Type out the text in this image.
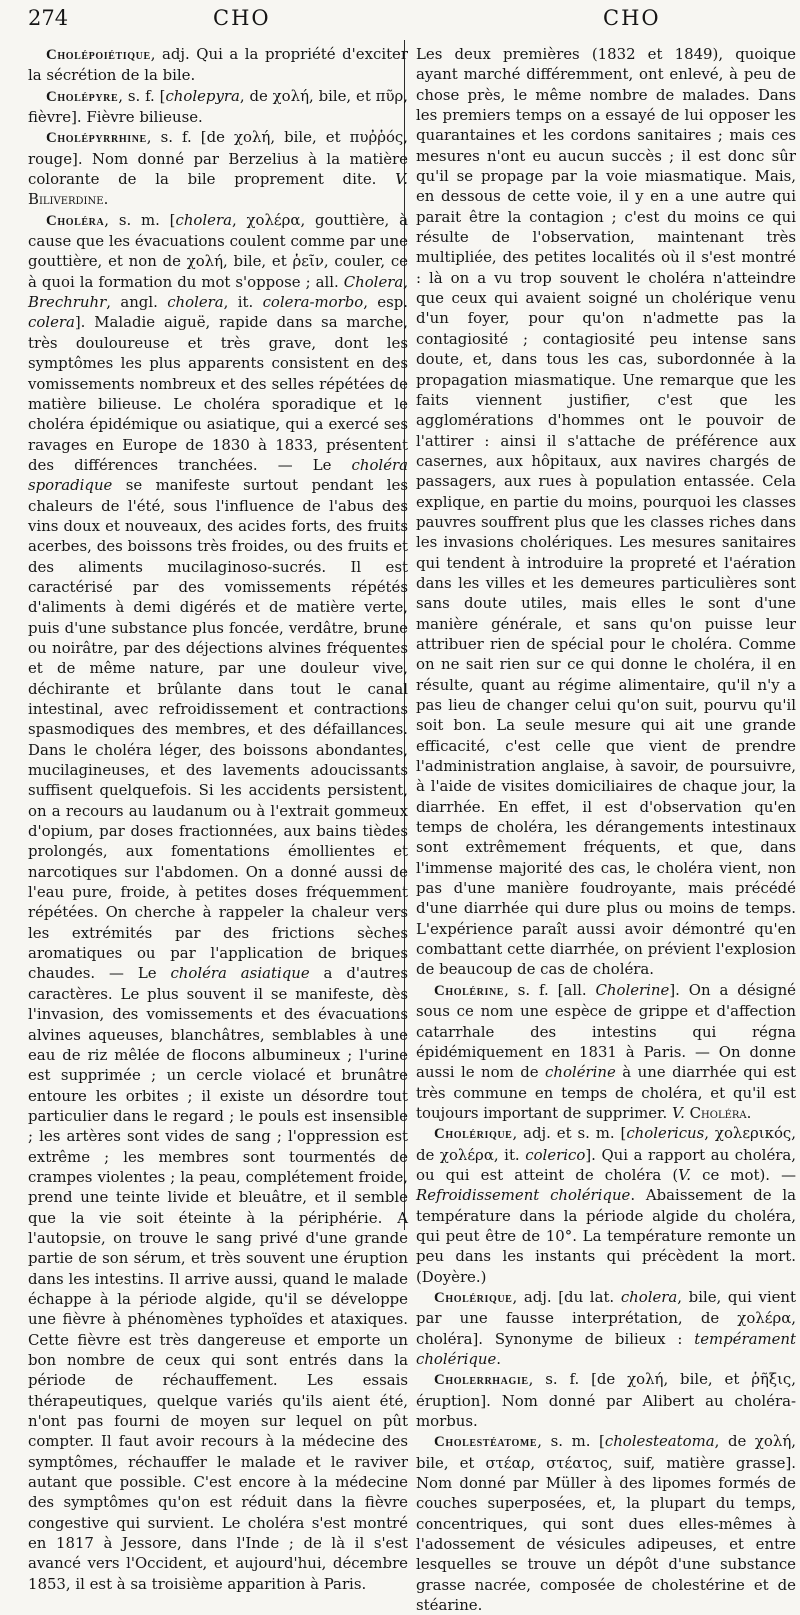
274	CHO	CHO

Cholépoiétique, adj. Qui a la propriété d'exciter la sécrétion de la bile.

Cholépyre, s. f. [cholepyra, de χολή, bile, et πῦρ, fièvre]. Fièvre bilieuse.

Cholépyrrhine, s. f. [de χολή, bile, et πυῤῥός, rouge]. Nom donné par Berzelius à la matière colorante de la bile proprement dite. V. Biliverdine.

Choléra, s. m. [cholera, χολέρα, gouttière, à cause que les évacuations coulent comme par une gouttière, et non de χολή, bile, et ῥεῖν, couler, ce à quoi la formation du mot s'oppose ; all. Cholera, Brechruhr, angl. cholera, it. colera-morbo, esp. colera]. Maladie aiguë, rapide dans sa marche, très douloureuse et très grave, dont les symptômes les plus apparents consistent en des vomissements nombreux et des selles répétées de matière bilieuse. Le choléra sporadique et le choléra épidémique ou asiatique, qui a exercé ses ravages en Europe de 1830 à 1833, présentent des différences tranchées. — Le choléra sporadique se manifeste surtout pendant les chaleurs de l'été, sous l'influence de l'abus des vins doux et nouveaux, des acides forts, des fruits acerbes, des boissons très froides, ou des fruits et des aliments mucilaginoso-sucrés. Il est caractérisé par des vomissements répétés d'aliments à demi digérés et de matière verte, puis d'une substance plus foncée, verdâtre, brune ou noirâtre, par des déjections alvines fréquentes et de même nature, par une douleur vive, déchirante et brûlante dans tout le canal intestinal, avec refroidissement et contractions spasmodiques des membres, et des défaillances. Dans le choléra léger, des boissons abondantes, mucilagineuses, et des lavements adoucissants suffisent quelquefois. Si les accidents persistent, on a recours au laudanum ou à l'extrait gommeux d'opium, par doses fractionnées, aux bains tièdes prolongés, aux fomentations émollientes et narcotiques sur l'abdomen. On a donné aussi de l'eau pure, froide, à petites doses fréquemment répétées. On cherche à rappeler la chaleur vers les extrémités par des frictions sèches aromatiques ou par l'application de briques chaudes. — Le choléra asiatique a d'autres caractères. Le plus souvent il se manifeste, dès l'invasion, des vomissements et des évacuations alvines aqueuses, blanchâtres, semblables à une eau de riz mêlée de flocons albumineux ; l'urine est supprimée ; un cercle violacé et brunâtre entoure les orbites ; il existe un désordre tout particulier dans le regard ; le pouls est insensible ; les artères sont vides de sang ; l'oppression est extrême ; les membres sont tourmentés de crampes violentes ; la peau, complétement froide, prend une teinte livide et bleuâtre, et il semble que la vie soit éteinte à la périphérie. A l'autopsie, on trouve le sang privé d'une grande partie de son sérum, et très souvent une éruption dans les intestins. Il arrive aussi, quand le malade échappe à la période algide, qu'il se développe une fièvre à phénomènes typhoïdes et ataxiques. Cette fièvre est très dangereuse et emporte un bon nombre de ceux qui sont entrés dans la période de réchauffement. Les essais thérapeutiques, quelque variés qu'ils aient été, n'ont pas fourni de moyen sur lequel on pût compter. Il faut avoir recours à la médecine des symptômes, réchauffer le malade et le raviver autant que possible. C'est encore à la médecine des symptômes qu'on est réduit dans la fièvre congestive qui survient. Le choléra s'est montré en 1817 à Jessore, dans l'Inde ; de là il s'est avancé vers l'Occident, et aujourd'hui, décembre 1853, il est à sa troisième apparition à Paris.

Les deux premières (1832 et 1849), quoique ayant marché différemment, ont enlevé, à peu de chose près, le même nombre de malades. Dans les premiers temps on a essayé de lui opposer les quarantaines et les cordons sanitaires ; mais ces mesures n'ont eu aucun succès ; il est donc sûr qu'il se propage par la voie miasmatique. Mais, en dessous de cette voie, il y en a une autre qui parait être la contagion ; c'est du moins ce qui résulte de l'observation, maintenant très multipliée, des petites localités où il s'est montré : là on a vu trop souvent le choléra n'atteindre que ceux qui avaient soigné un cholérique venu d'un foyer, pour qu'on n'admette pas la contagiosité ; contagiosité peu intense sans doute, et, dans tous les cas, subordonnée à la propagation miasmatique. Une remarque que les faits viennent justifier, c'est que les agglomérations d'hommes ont le pouvoir de l'attirer : ainsi il s'attache de préférence aux casernes, aux hôpitaux, aux navires chargés de passagers, aux rues à population entassée. Cela explique, en partie du moins, pourquoi les classes pauvres souffrent plus que les classes riches dans les invasions cholériques. Les mesures sanitaires qui tendent à introduire la propreté et l'aération dans les villes et les demeures particulières sont sans doute utiles, mais elles le sont d'une manière générale, et sans qu'on puisse leur attribuer rien de spécial pour le choléra. Comme on ne sait rien sur ce qui donne le choléra, il en résulte, quant au régime alimentaire, qu'il n'y a pas lieu de changer celui qu'on suit, pourvu qu'il soit bon. La seule mesure qui ait une grande efficacité, c'est celle que vient de prendre l'administration anglaise, à savoir, de poursuivre, à l'aide de visites domiciliaires de chaque jour, la diarrhée. En effet, il est d'observation qu'en temps de choléra, les dérangements intestinaux sont extrêmement fréquents, et que, dans l'immense majorité des cas, le choléra vient, non pas d'une manière foudroyante, mais précédé d'une diarrhée qui dure plus ou moins de temps. L'expérience paraît aussi avoir démontré qu'en combattant cette diarrhée, on prévient l'explosion de beaucoup de cas de choléra.

Cholérine, s. f. [all. Cholerine]. On a désigné sous ce nom une espèce de grippe et d'affection catarrhale des intestins qui régna épidémiquement en 1831 à Paris. — On donne aussi le nom de cholérine à une diarrhée qui est très commune en temps de choléra, et qu'il est toujours important de supprimer. V. Choléra.

Cholérique, adj. et s. m. [cholericus, χολερικός, de χολέρα, it. colerico]. Qui a rapport au choléra, ou qui est atteint de choléra (V. ce mot). — Refroidissement cholérique. Abaissement de la température dans la période algide du choléra, qui peut être de 10°. La température remonte un peu dans les instants qui précèdent la mort. (Doyère.)

Cholérique, adj. [du lat. cholera, bile, qui vient par une fausse interprétation, de χολέρα, choléra]. Synonyme de bilieux : tempérament cholérique.

Cholerrhagie, s. f. [de χολή, bile, et ῥῆξις, éruption]. Nom donné par Alibert au choléra-morbus.

Cholestéatome, s. m. [cholesteatoma, de χολή, bile, et στέαρ, στέατος, suif, matière grasse]. Nom donné par Müller à des lipomes formés de couches superposées, et, la plupart du temps, concentriques, qui sont dues elles-mêmes à l'adossement de vésicules adipeuses, et entre lesquelles se trouve un dépôt d'une substance grasse nacrée, composée de cholestérine et de stéarine.
